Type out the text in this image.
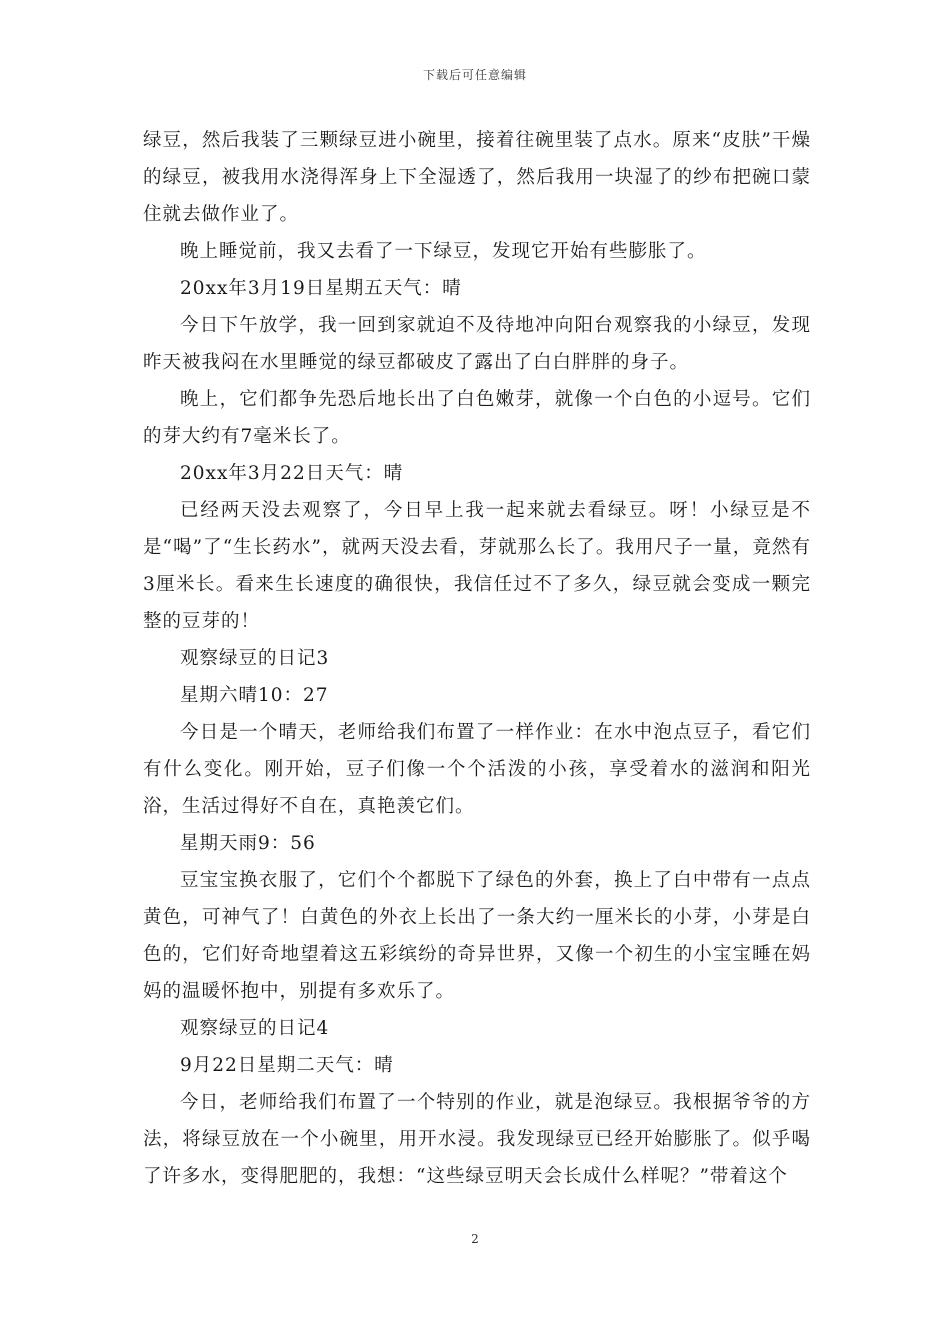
下载后可任意编辑

绿豆，然后我装了三颗绿豆进小碗里，接着往碗里装了点水。原来“皮肤”干燥的绿豆，被我用水浇得浑身上下全湿透了，然后我用一块湿了的纱布把碗口蒙住就去做作业了。

晚上睡觉前，我又去看了一下绿豆，发现它开始有些膨胀了。

20xx年3月19日星期五天气：晴

今日下午放学，我一回到家就迫不及待地冲向阳台观察我的小绿豆，发现昨天被我闷在水里睡觉的绿豆都破皮了露出了白白胖胖的身子。

晚上，它们都争先恐后地长出了白色嫩芽，就像一个白色的小逗号。它们的芽大约有7毫米长了。

20xx年3月22日天气：晴

已经两天没去观察了，今日早上我一起来就去看绿豆。呀！小绿豆是不是“喝”了“生长药水”，就两天没去看，芽就那么长了。我用尺子一量，竟然有3厘米长。看来生长速度的确很快，我信任过不了多久，绿豆就会变成一颗完整的豆芽的！

观察绿豆的日记3

星期六晴10：27

今日是一个晴天，老师给我们布置了一样作业：在水中泡点豆子，看它们有什么变化。刚开始，豆子们像一个个活泼的小孩，享受着水的滋润和阳光浴，生活过得好不自在，真艳羡它们。

星期天雨9：56

豆宝宝换衣服了，它们个个都脱下了绿色的外套，换上了白中带有一点点黄色，可神气了！白黄色的外衣上长出了一条大约一厘米长的小芽，小芽是白色的，它们好奇地望着这五彩缤纷的奇异世界，又像一个初生的小宝宝睡在妈妈的温暖怀抱中，别提有多欢乐了。

观察绿豆的日记4

9月22日星期二天气：晴

今日，老师给我们布置了一个特别的作业，就是泡绿豆。我根据爷爷的方法，将绿豆放在一个小碗里，用开水浸。我发现绿豆已经开始膨胀了。似乎喝了许多水，变得肥肥的，我想：“这些绿豆明天会长成什么样呢？”带着这个

2
